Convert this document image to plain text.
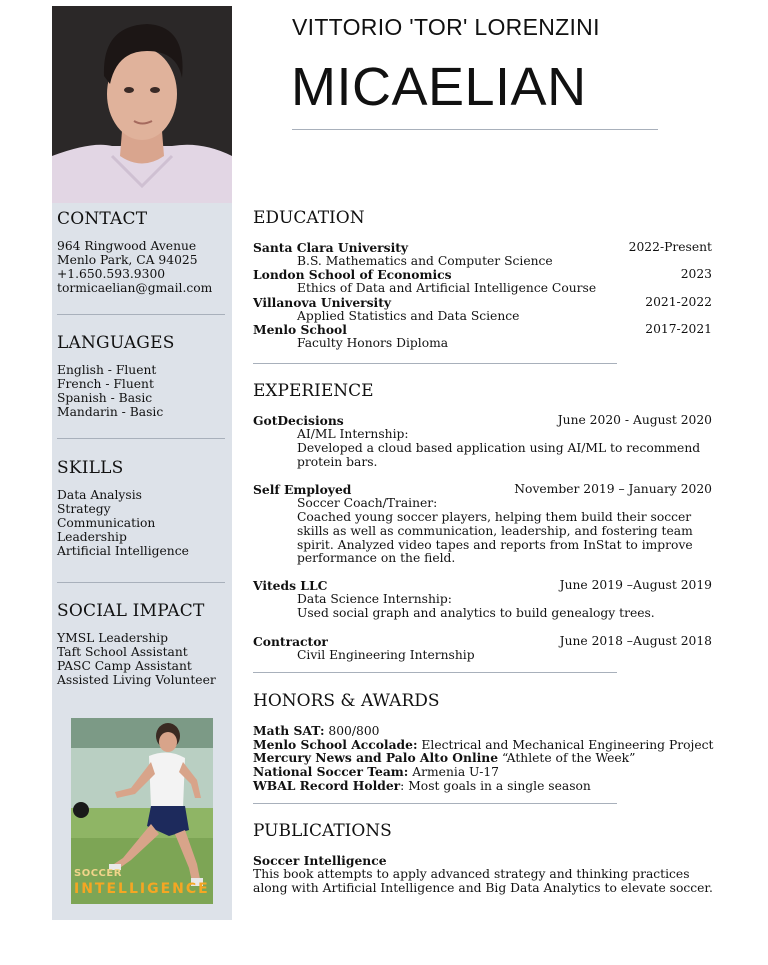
CONTACT
964 Ringwood Avenue
Menlo Park, CA 94025
+1.650.593.9300
tormicaelian@gmail.com
LANGUAGES
English - Fluent
French - Fluent
Spanish - Basic
Mandarin - Basic
SKILLS
Data Analysis
Strategy
Communication
Leadership
Artificial Intelligence
SOCIAL IMPACT
YMSL Leadership
Taft School Assistant
PASC Camp Assistant
Assisted Living Volunteer
SOCCER
INTELLIGENCE
VITTORIO 'TOR' LORENZINI
MICAELIAN
EDUCATION
Santa Clara University	2022-Present
B.S. Mathematics and Computer Science
London School of Economics	2023
Ethics of Data and Artificial Intelligence Course
Villanova University	2021-2022
Applied Statistics and Data Science
Menlo School	2017-2021
Faculty Honors Diploma
EXPERIENCE
GotDecisions	June 2020 - August 2020
AI/ML Internship:
Developed a cloud based application using AI/ML to recommend protein bars.
Self Employed	November 2019 – January 2020
Soccer Coach/Trainer:
Coached young soccer players, helping them build their soccer skills as well as communication, leadership, and fostering team spirit. Analyzed video tapes and reports from InStat to improve performance on the field.
Viteds LLC	June 2019 –August 2019
Data Science Internship:
Used social graph and analytics to build genealogy trees.
Contractor	June 2018 –August 2018
Civil Engineering Internship
HONORS & AWARDS
Math SAT: 800/800
Menlo School Accolade: Electrical and Mechanical Engineering Project
Mercury News and Palo Alto Online “Athlete of the Week”
National Soccer Team: Armenia U-17
WBAL Record Holder: Most goals in a single season
PUBLICATIONS
Soccer Intelligence
This book attempts to apply advanced strategy and thinking practices
along with Artificial Intelligence and Big Data Analytics to elevate soccer.
